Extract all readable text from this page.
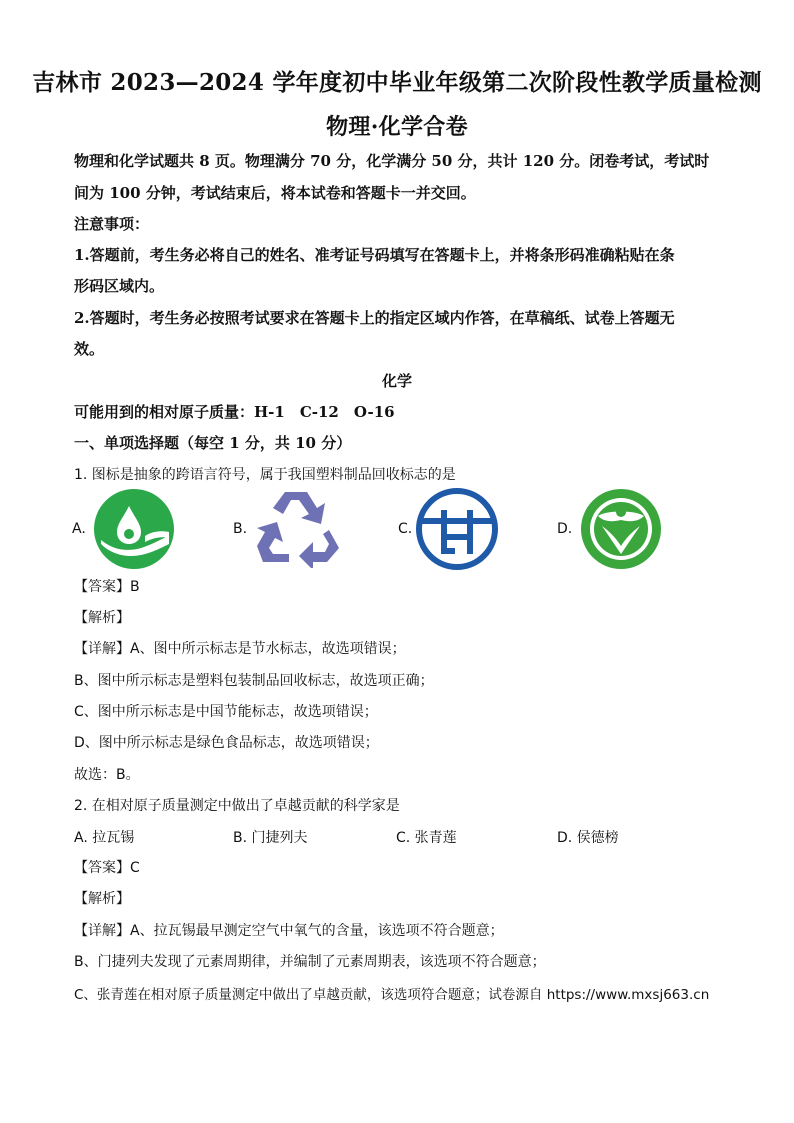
吉林市 2023—2024 学年度初中毕业年级第二次阶段性教学质量检测
物理·化学合卷
物理和化学试题共 8 页。物理满分 70 分，化学满分 50 分，共计 120 分。闭卷考试，考试时
间为 100 分钟，考试结束后，将本试卷和答题卡一并交回。
注意事项：
1.答题前，考生务必将自己的姓名、准考证号码填写在答题卡上，并将条形码准确粘贴在条
形码区域内。
2.答题时，考生务必按照考试要求在答题卡上的指定区域内作答，在草稿纸、试卷上答题无
效。
化学
可能用到的相对原子质量：H-1　C-12　O-16
一、单项选择题（每空 1 分，共 10 分）
1. 图标是抽象的跨语言符号，属于我国塑料制品回收标志的是
A.	B.	C.	D.
【答案】B
【解析】
【详解】A、图中所示标志是节水标志，故选项错误；
B、图中所示标志是塑料包装制品回收标志，故选项正确；
C、图中所示标志是中国节能标志，故选项错误；
D、图中所示标志是绿色食品标志，故选项错误；
故选：B。
2. 在相对原子质量测定中做出了卓越贡献的科学家是
A. 拉瓦锡	B. 门捷列夫	C. 张青莲	D. 侯德榜
【答案】C
【解析】
【详解】A、拉瓦锡最早测定空气中氧气的含量，该选项不符合题意；
B、门捷列夫发现了元素周期律，并编制了元素周期表，该选项不符合题意；
C、张青莲在相对原子质量测定中做出了卓越贡献，该选项符合题意；试卷源自 https://www.mxsj663.cn
